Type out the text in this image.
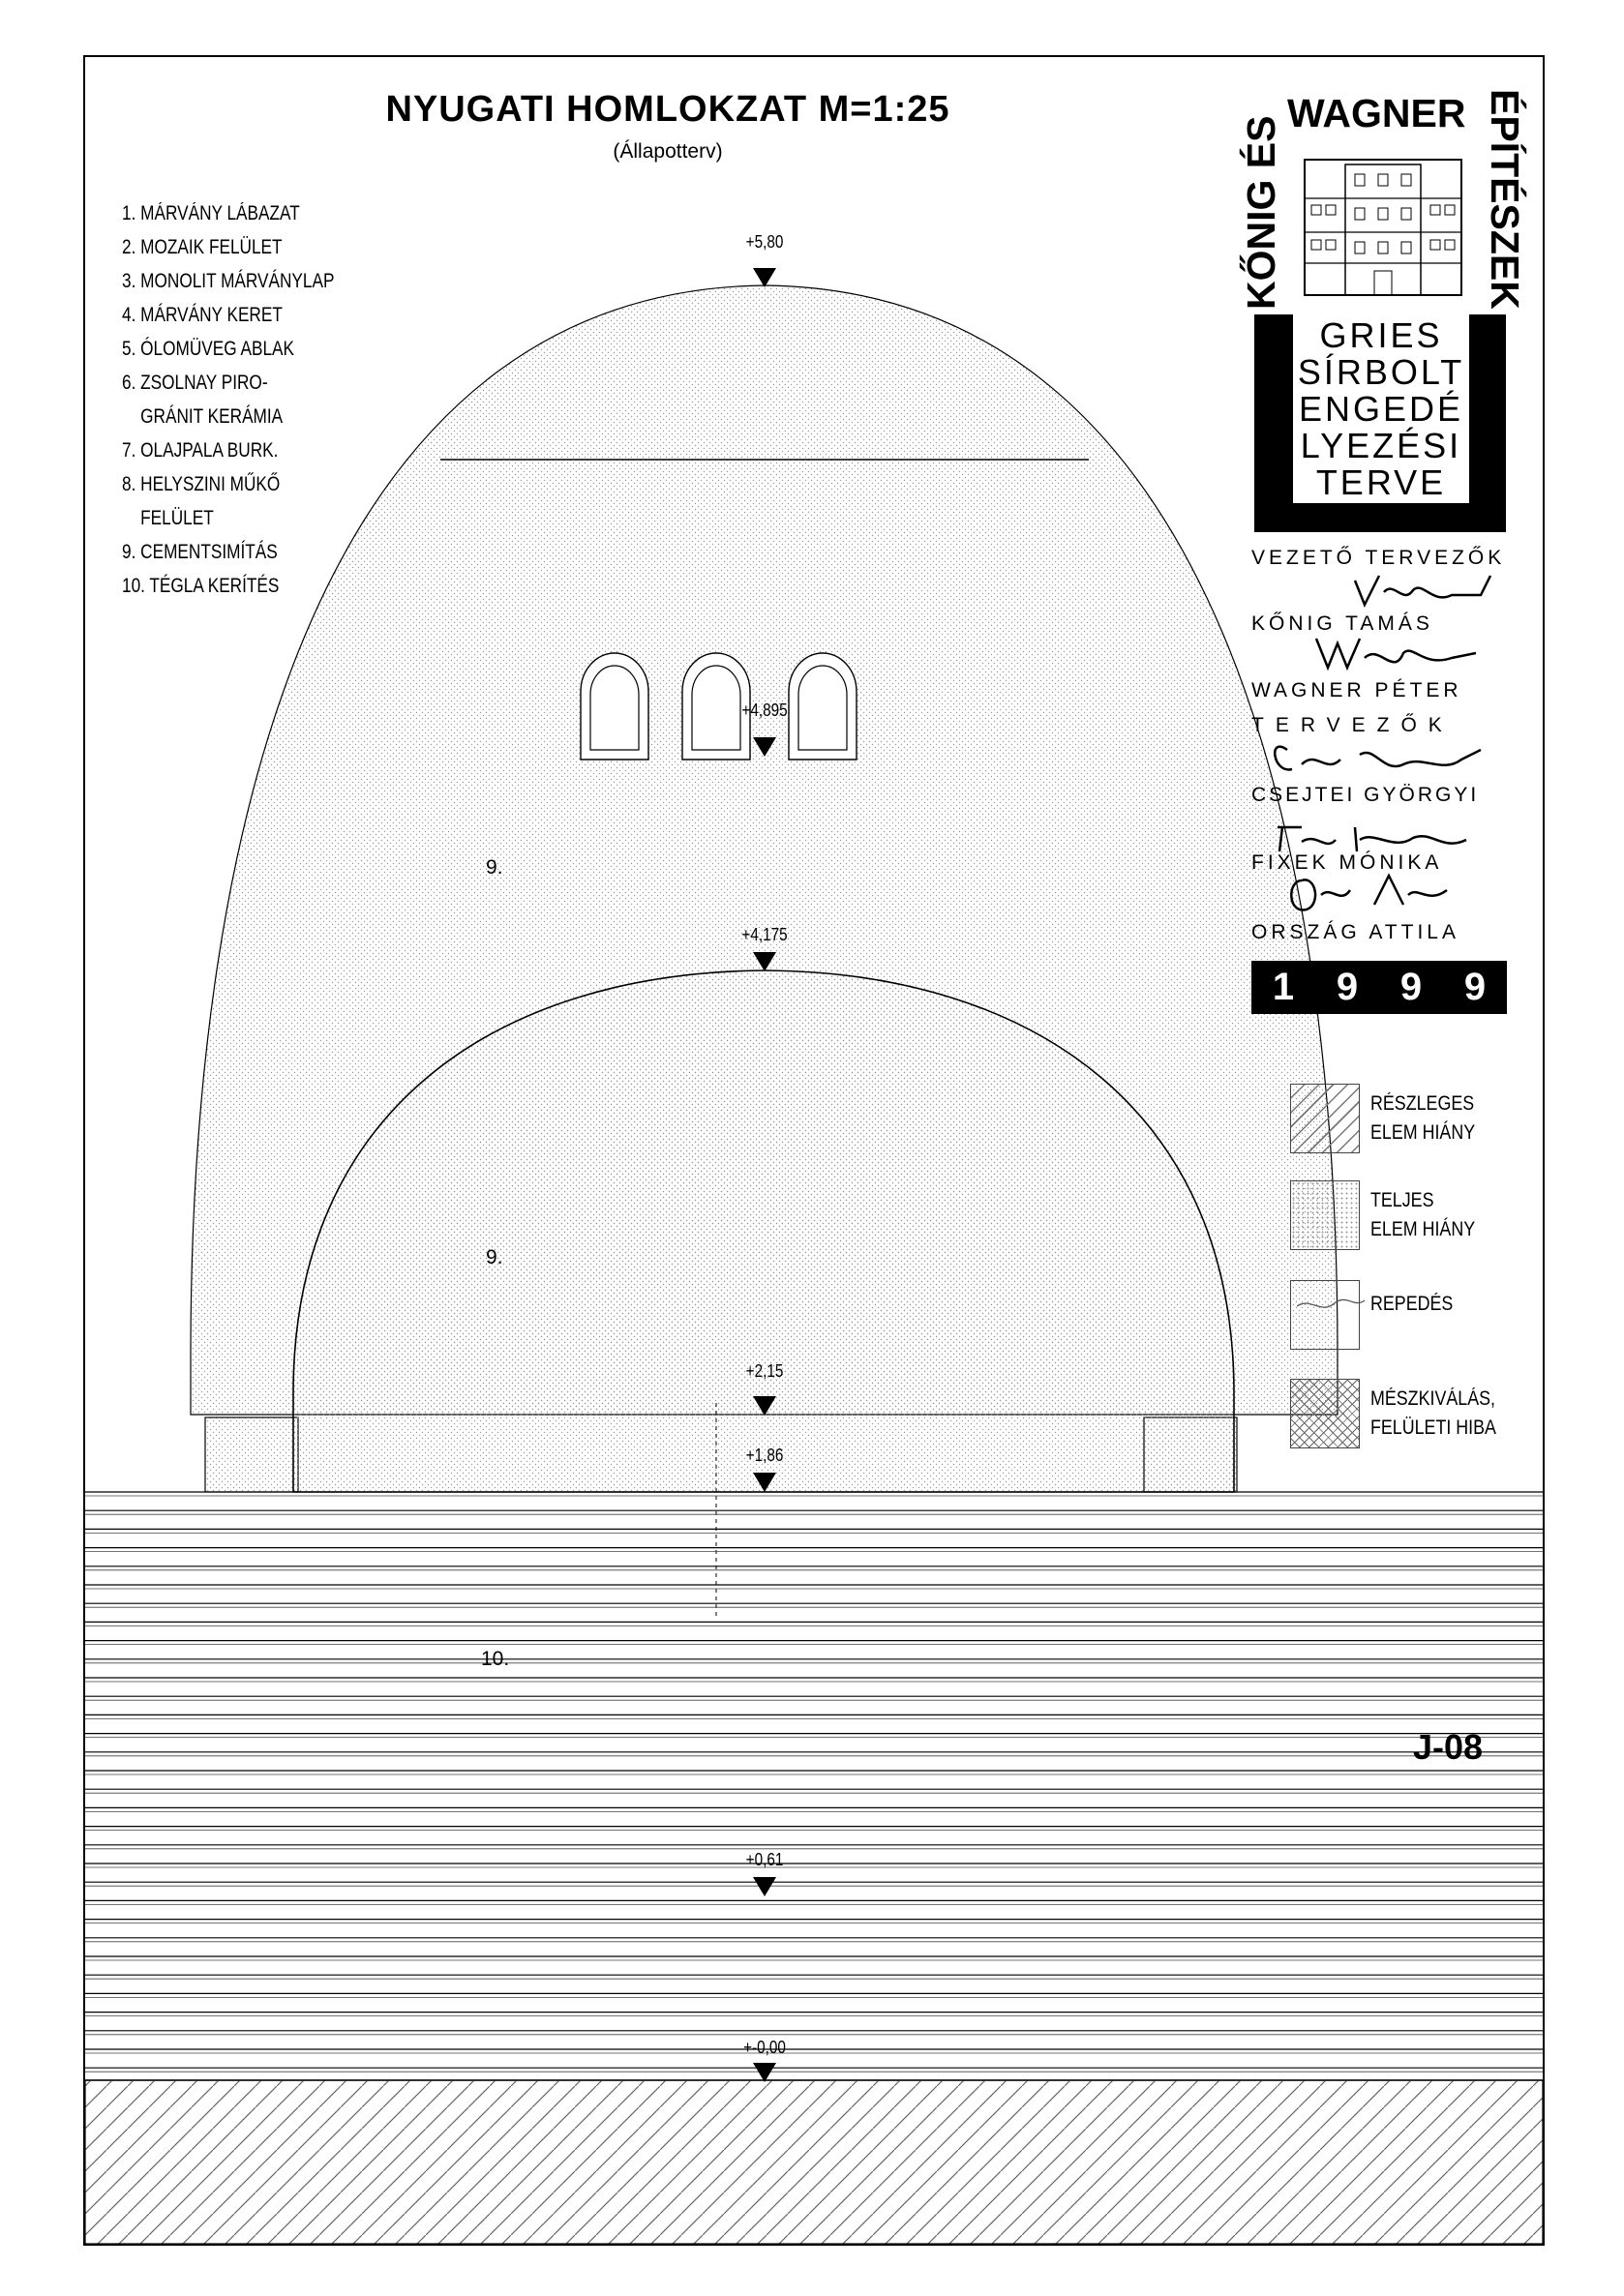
NYUGATI HOMLOKZAT M=1:25
(Állapotterv)
1. MÁRVÁNY LÁBAZAT
2. MOZAIK FELÜLET
3. MONOLIT MÁRVÁNYLAP
4. MÁRVÁNY KERET
5. ÓLOMÜVEG ABLAK
6. ZSOLNAY PIRO-
GRÁNIT KERÁMIA
7. OLAJPALA BURK.
8. HELYSZINI MŰKŐ
FELÜLET
9. CEMENTSIMÍTÁS
10. TÉGLA KERÍTÉS
+5,80
+4,895
+4,175
+2,15
+1,86
+0,61
+-0,00
9.
9.
10.
WAGNER
KŐNIG ÉS	ÉPÍTÉSZEK
GRIES
SÍRBOLT
ENGEDÉ
LYEZÉSI
TERVE
VEZETŐ TERVEZŐK
KŐNIG TAMÁS
WAGNER PÉTER
TERVEZŐK
CSEJTEI GYÖRGYI
FIXEK MÓNIKA
ORSZÁG ATTILA
1 9 9 9
RÉSZLEGES
ELEM HIÁNY
TELJES
ELEM HIÁNY
REPEDÉS
MÉSZKIVÁLÁS,
FELÜLETI HIBA
J-08
